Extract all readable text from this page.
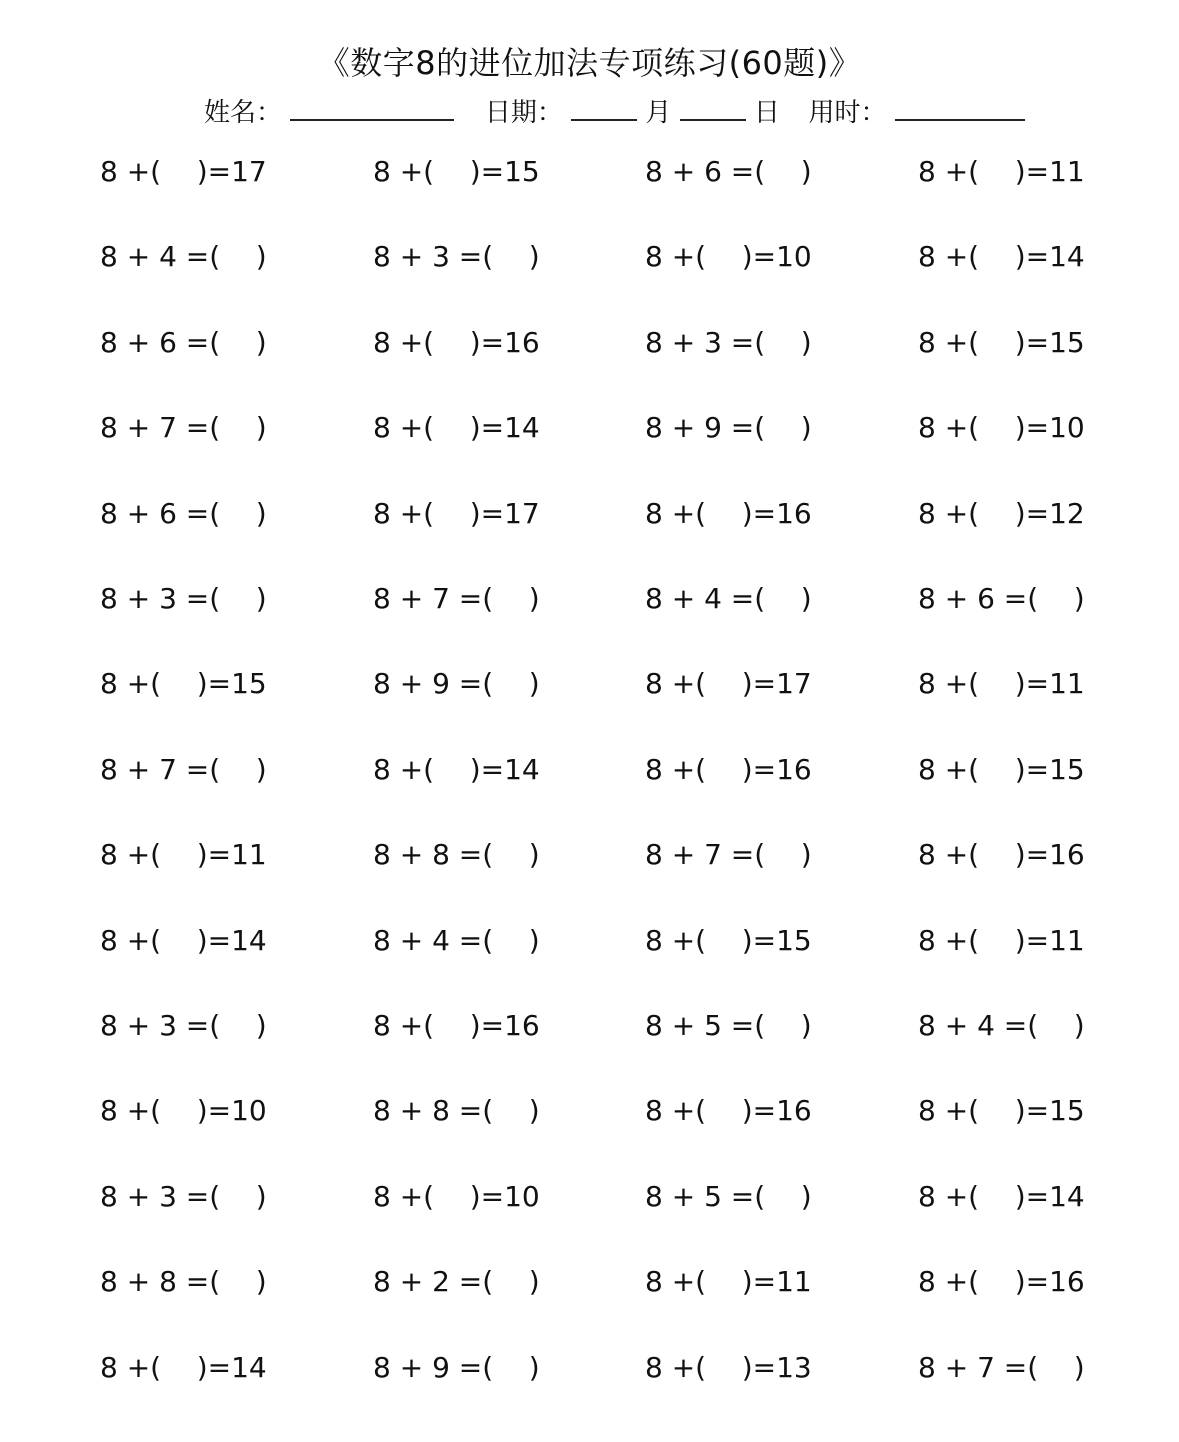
《数字8的进位加法专项练习(60题)》
姓名：	日期：	月	日 用时：
8 +(    )=17	8 +(    )=15	8 + 6 =(    )	8 +(    )=11
8 + 4 =(    )	8 + 3 =(    )	8 +(    )=10	8 +(    )=14
8 + 6 =(    )	8 +(    )=16	8 + 3 =(    )	8 +(    )=15
8 + 7 =(    )	8 +(    )=14	8 + 9 =(    )	8 +(    )=10
8 + 6 =(    )	8 +(    )=17	8 +(    )=16	8 +(    )=12
8 + 3 =(    )	8 + 7 =(    )	8 + 4 =(    )	8 + 6 =(    )
8 +(    )=15	8 + 9 =(    )	8 +(    )=17	8 +(    )=11
8 + 7 =(    )	8 +(    )=14	8 +(    )=16	8 +(    )=15
8 +(    )=11	8 + 8 =(    )	8 + 7 =(    )	8 +(    )=16
8 +(    )=14	8 + 4 =(    )	8 +(    )=15	8 +(    )=11
8 + 3 =(    )	8 +(    )=16	8 + 5 =(    )	8 + 4 =(    )
8 +(    )=10	8 + 8 =(    )	8 +(    )=16	8 +(    )=15
8 + 3 =(    )	8 +(    )=10	8 + 5 =(    )	8 +(    )=14
8 + 8 =(    )	8 + 2 =(    )	8 +(    )=11	8 +(    )=16
8 +(    )=14	8 + 9 =(    )	8 +(    )=13	8 + 7 =(    )
